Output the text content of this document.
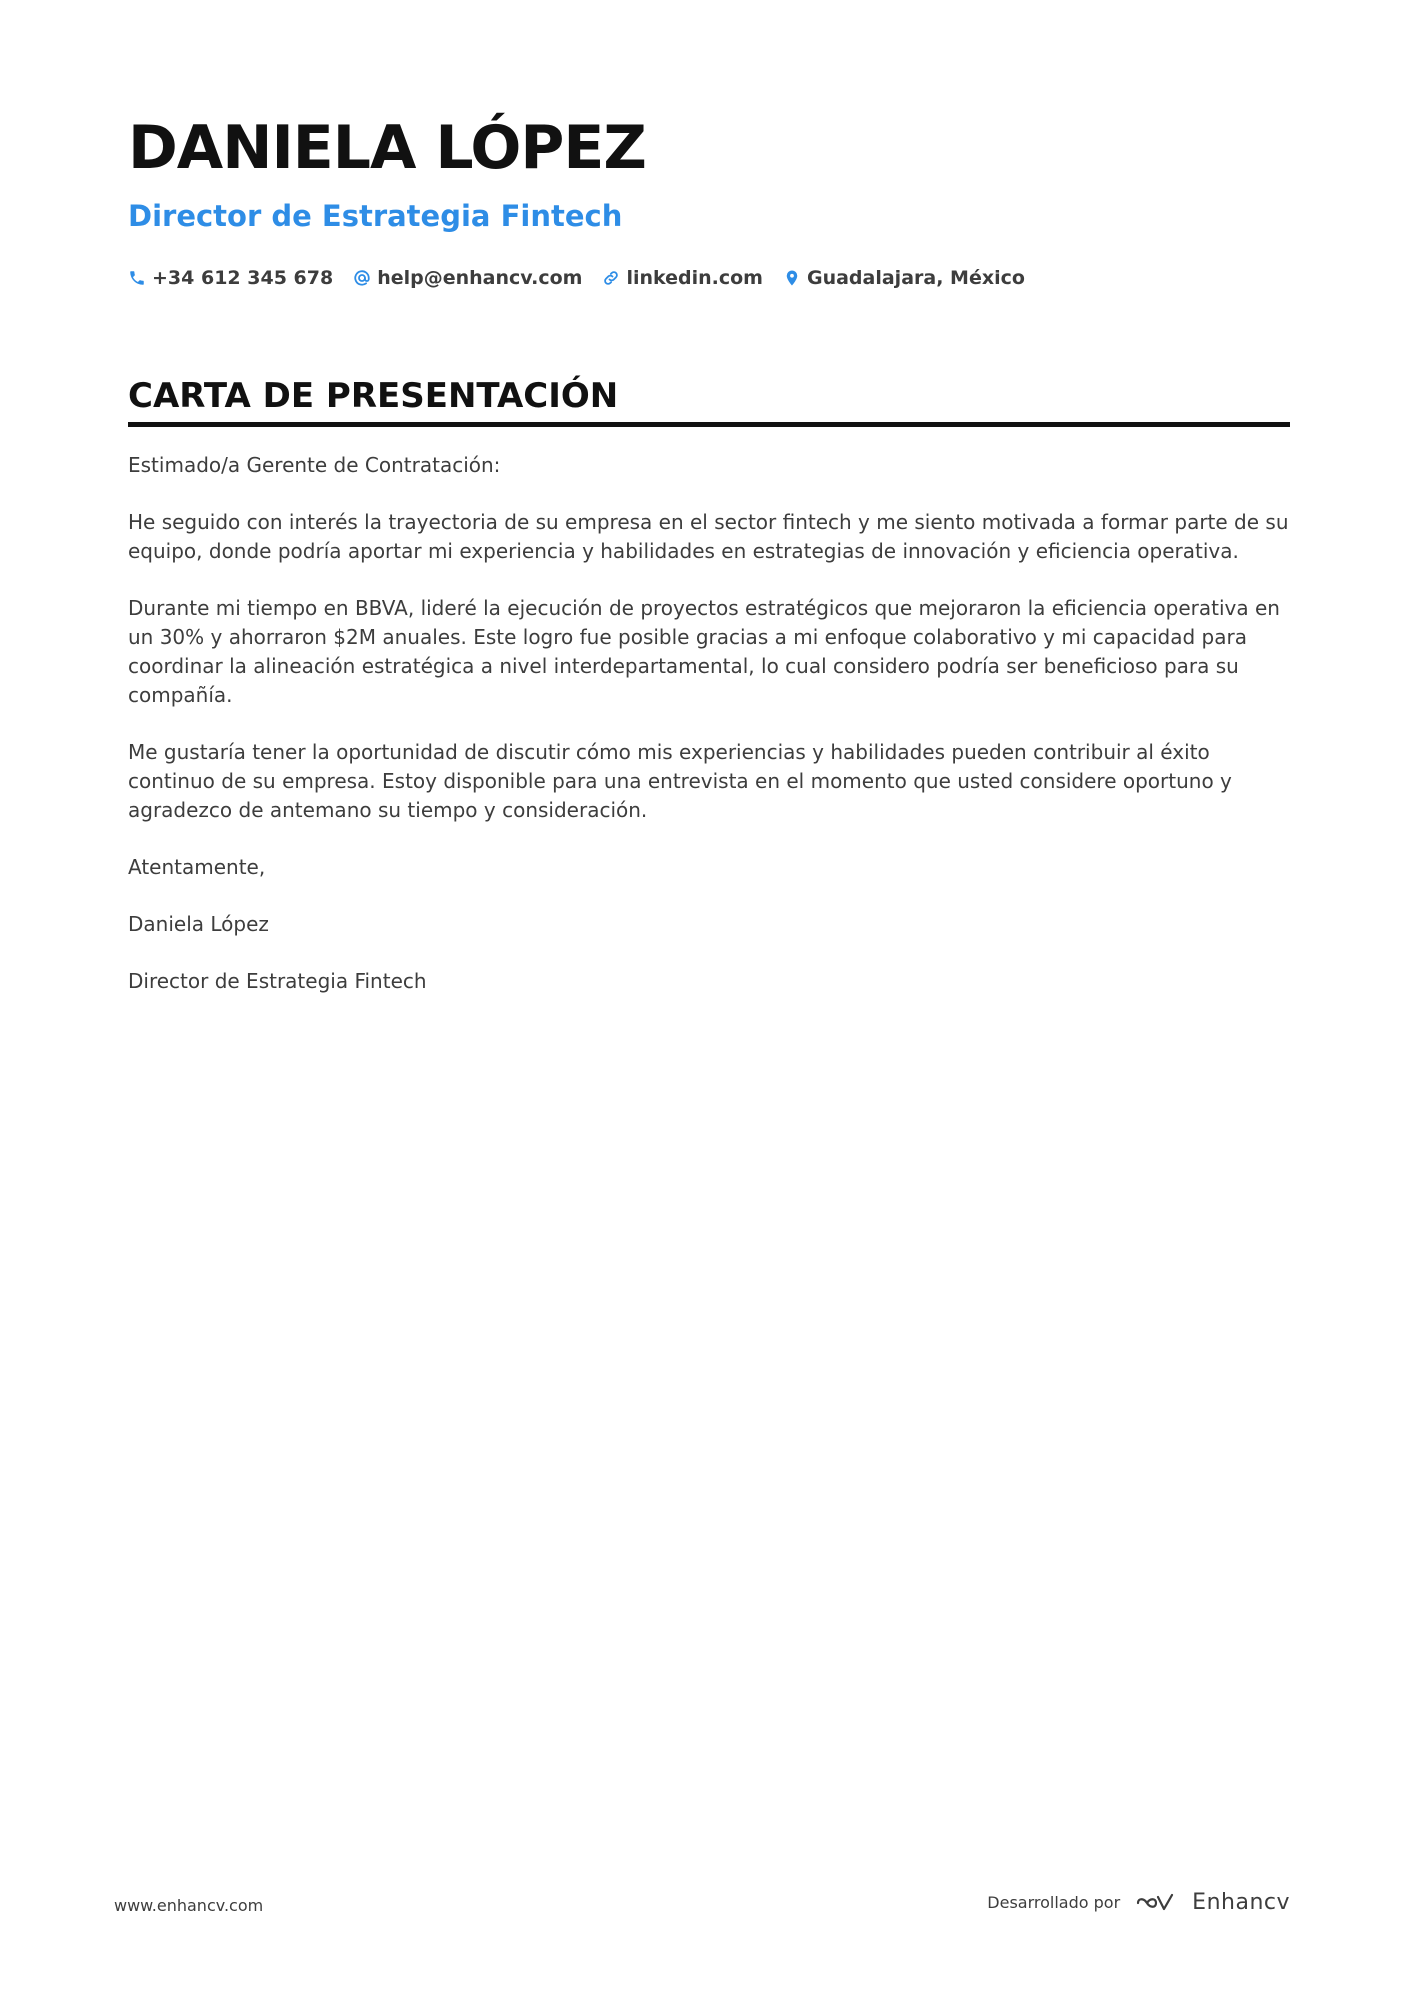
DANIELA LÓPEZ
Director de Estrategia Fintech
+34 612 345 678 help@enhancv.com linkedin.com Guadalajara, México
CARTA DE PRESENTACIÓN

Estimado/a Gerente de Contratación:

He seguido con interés la trayectoria de su empresa en el sector fintech y me siento motivada a formar parte de su equipo, donde podría aportar mi experiencia y habilidades en estrategias de innovación y eficiencia operativa.

Durante mi tiempo en BBVA, lideré la ejecución de proyectos estratégicos que mejoraron la eficiencia operativa en un 30% y ahorraron $2M anuales. Este logro fue posible gracias a mi enfoque colaborativo y mi capacidad para coordinar la alineación estratégica a nivel interdepartamental, lo cual considero podría ser beneficioso para su compañía.

Me gustaría tener la oportunidad de discutir cómo mis experiencias y habilidades pueden contribuir al éxito continuo de su empresa. Estoy disponible para una entrevista en el momento que usted considere oportuno y agradezco de antemano su tiempo y consideración.

Atentamente,

Daniela López

Director de Estrategia Fintech

www.enhancv.com	Desarrollado por	Enhancv
